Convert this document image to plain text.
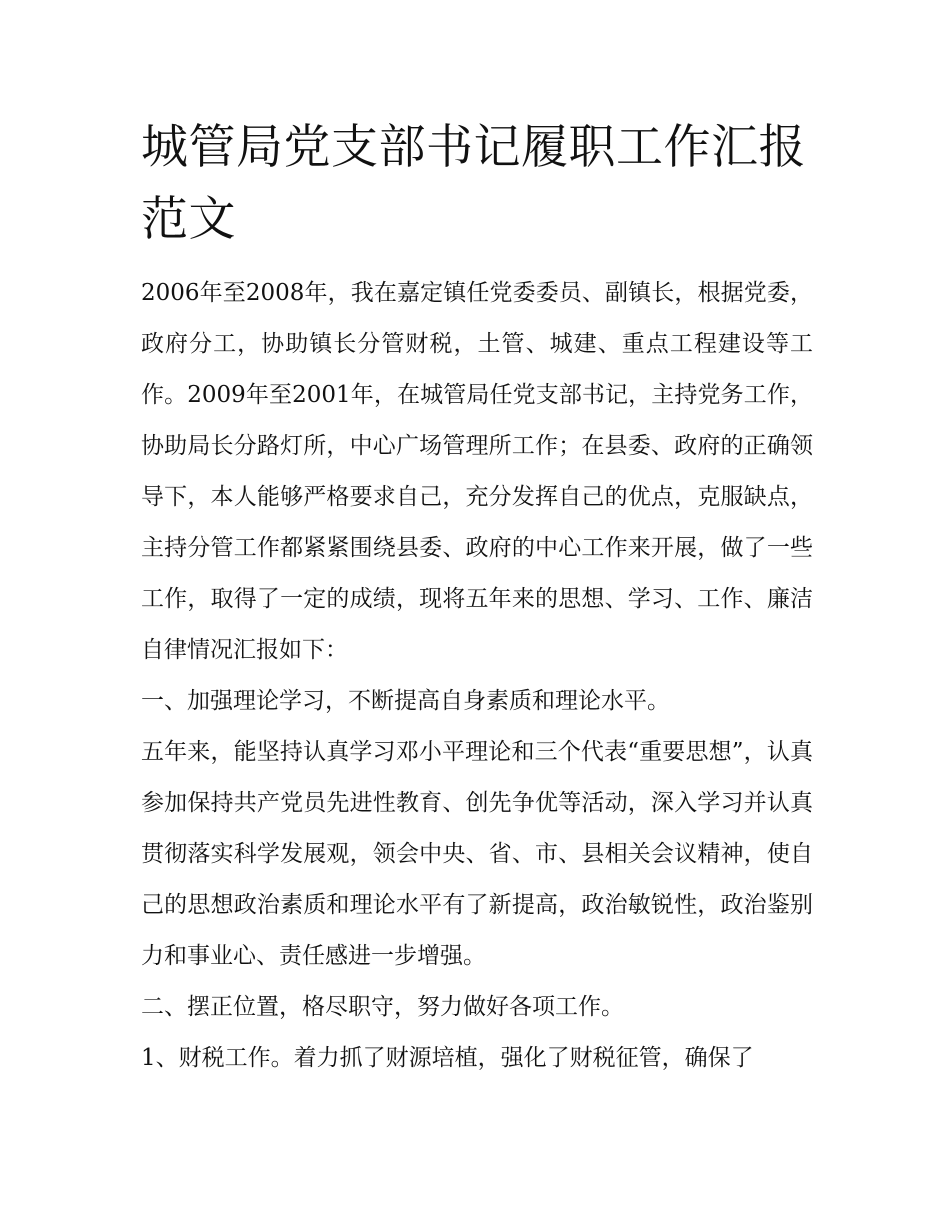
城管局党支部书记履职工作汇报范文

2006年至2008年，我在嘉定镇任党委委员、副镇长，根据党委，政府分工，协助镇长分管财税，土管、城建、重点工程建设等工作。2009年至2001年，在城管局任党支部书记，主持党务工作，协助局长分路灯所，中心广场管理所工作；在县委、政府的正确领导下，本人能够严格要求自己，充分发挥自己的优点，克服缺点，主持分管工作都紧紧围绕县委、政府的中心工作来开展，做了一些工作，取得了一定的成绩，现将五年来的思想、学习、工作、廉洁自律情况汇报如下：

一、加强理论学习，不断提高自身素质和理论水平。

五年来，能坚持认真学习邓小平理论和三个代表“重要思想”，认真参加保持共产党员先进性教育、创先争优等活动，深入学习并认真贯彻落实科学发展观，领会中央、省、市、县相关会议精神，使自己的思想政治素质和理论水平有了新提高，政治敏锐性，政治鉴别力和事业心、责任感进一步增强。

二、摆正位置，格尽职守，努力做好各项工作。

1、财税工作。着力抓了财源培植，强化了财税征管，确保了
